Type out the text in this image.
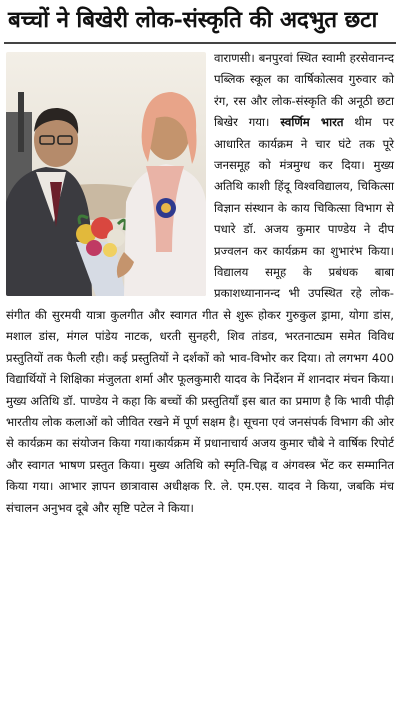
बच्चों ने बिखेरी लोक-संस्कृति की अदभुत छटा

वाराणसी। बनपुरवां स्थित स्वामी हरसेवानन्द पब्लिक स्कूल का वार्षिकोत्सव गुरुवार को रंग, रस और लोक-संस्कृति की अनूठी छटा बिखेर गया। स्वर्णिम भारत थीम पर आधारित कार्यक्रम ने चार घंटे तक पूरे जनसमूह को मंत्रमुग्ध कर दिया। मुख्य अतिथि काशी हिंदू विश्वविद्यालय, चिकित्सा विज्ञान संस्थान के काय चिकित्सा विभाग से पधारे डॉ. अजय कुमार पाण्डेय ने दीप प्रज्वलन कर कार्यक्रम का शुभारंभ किया। विद्यालय समूह के प्रबंधक बाबा प्रकाशध्यानानन्द भी उपस्थित रहे लोक-संगीत की सुरमयी यात्रा कुलगीत और स्वागत गीत से शुरू होकर गुरुकुल ड्रामा, योगा डांस, मशाल डांस, मंगल पांडेय नाटक, धरती सुनहरी, शिव तांडव, भरतनाट्यम समेत विविध प्रस्तुतियों तक फैली रही। कई प्रस्तुतियों ने दर्शकों को भाव-विभोर कर दिया। तो लगभग 400 विद्यार्थियों ने शिक्षिका मंजुलता शर्मा और फूलकुमारी यादव के निर्देशन में शानदार मंचन किया। मुख्य अतिथि डॉ. पाण्डेय ने कहा कि बच्चों की प्रस्तुतियाँ इस बात का प्रमाण है कि भावी पीढ़ी भारतीय लोक कलाओं को जीवित रखने में पूर्ण सक्षम है। सूचना एवं जनसंपर्क विभाग की ओर से कार्यक्रम का संयोजन किया गया।कार्यक्रम में प्रधानाचार्य अजय कुमार चौबे ने वार्षिक रिपोर्ट और स्वागत भाषण प्रस्तुत किया। मुख्य अतिथि को स्मृति-चिह्न व अंगवस्त्र भेंट कर सम्मानित किया गया। आभार ज्ञापन छात्रावास अधीक्षक रि. ले. एम.एस. यादव ने किया, जबकि मंच संचालन अनुभव दूबे और सृष्टि पटेल ने किया।
